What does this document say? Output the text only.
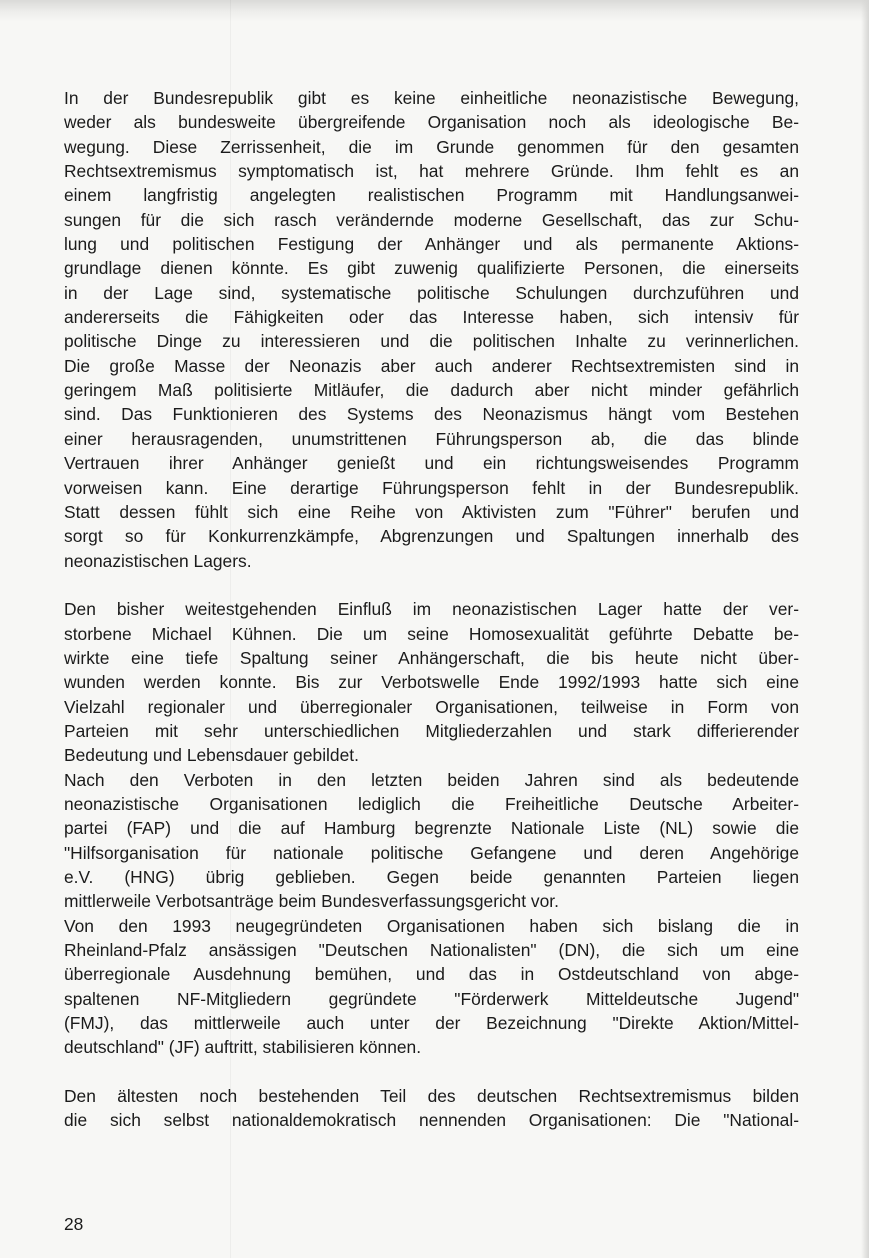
In der Bundesrepublik gibt es keine einheitliche neonazistische Bewegung,
weder als bundesweite übergreifende Organisation noch als ideologische Be-
wegung. Diese Zerrissenheit, die im Grunde genommen für den gesamten
Rechtsextremismus symptomatisch ist, hat mehrere Gründe. Ihm fehlt es an
einem langfristig angelegten realistischen Programm mit Handlungsanwei-
sungen für die sich rasch verändernde moderne Gesellschaft, das zur Schu-
lung und politischen Festigung der Anhänger und als permanente Aktions-
grundlage dienen könnte. Es gibt zuwenig qualifizierte Personen, die einerseits
in der Lage sind, systematische politische Schulungen durchzuführen und
andererseits die Fähigkeiten oder das Interesse haben, sich intensiv für
politische Dinge zu interessieren und die politischen Inhalte zu verinnerlichen.
Die große Masse der Neonazis aber auch anderer Rechtsextremisten sind in
geringem Maß politisierte Mitläufer, die dadurch aber nicht minder gefährlich
sind. Das Funktionieren des Systems des Neonazismus hängt vom Bestehen
einer herausragenden, unumstrittenen Führungsperson ab, die das blinde
Vertrauen ihrer Anhänger genießt und ein richtungsweisendes Programm
vorweisen kann. Eine derartige Führungsperson fehlt in der Bundesrepublik.
Statt dessen fühlt sich eine Reihe von Aktivisten zum "Führer" berufen und
sorgt so für Konkurrenzkämpfe, Abgrenzungen und Spaltungen innerhalb des
neonazistischen Lagers.
Den bisher weitestgehenden Einfluß im neonazistischen Lager hatte der ver-
storbene Michael Kühnen. Die um seine Homosexualität geführte Debatte be-
wirkte eine tiefe Spaltung seiner Anhängerschaft, die bis heute nicht über-
wunden werden konnte. Bis zur Verbotswelle Ende 1992/1993 hatte sich eine
Vielzahl regionaler und überregionaler Organisationen, teilweise in Form von
Parteien mit sehr unterschiedlichen Mitgliederzahlen und stark differierender
Bedeutung und Lebensdauer gebildet.
Nach den Verboten in den letzten beiden Jahren sind als bedeutende
neonazistische Organisationen lediglich die Freiheitliche Deutsche Arbeiter-
partei (FAP) und die auf Hamburg begrenzte Nationale Liste (NL) sowie die
"Hilfsorganisation für nationale politische Gefangene und deren Angehörige
e.V. (HNG) übrig geblieben. Gegen beide genannten Parteien liegen
mittlerweile Verbotsanträge beim Bundesverfassungsgericht vor.
Von den 1993 neugegründeten Organisationen haben sich bislang die in
Rheinland-Pfalz ansässigen "Deutschen Nationalisten" (DN), die sich um eine
überregionale Ausdehnung bemühen, und das in Ostdeutschland von abge-
spaltenen NF-Mitgliedern gegründete "Förderwerk Mitteldeutsche Jugend"
(FMJ), das mittlerweile auch unter der Bezeichnung "Direkte Aktion/Mittel-
deutschland" (JF) auftritt, stabilisieren können.
Den ältesten noch bestehenden Teil des deutschen Rechtsextremismus bilden
die sich selbst nationaldemokratisch nennenden Organisationen: Die "National-
28
